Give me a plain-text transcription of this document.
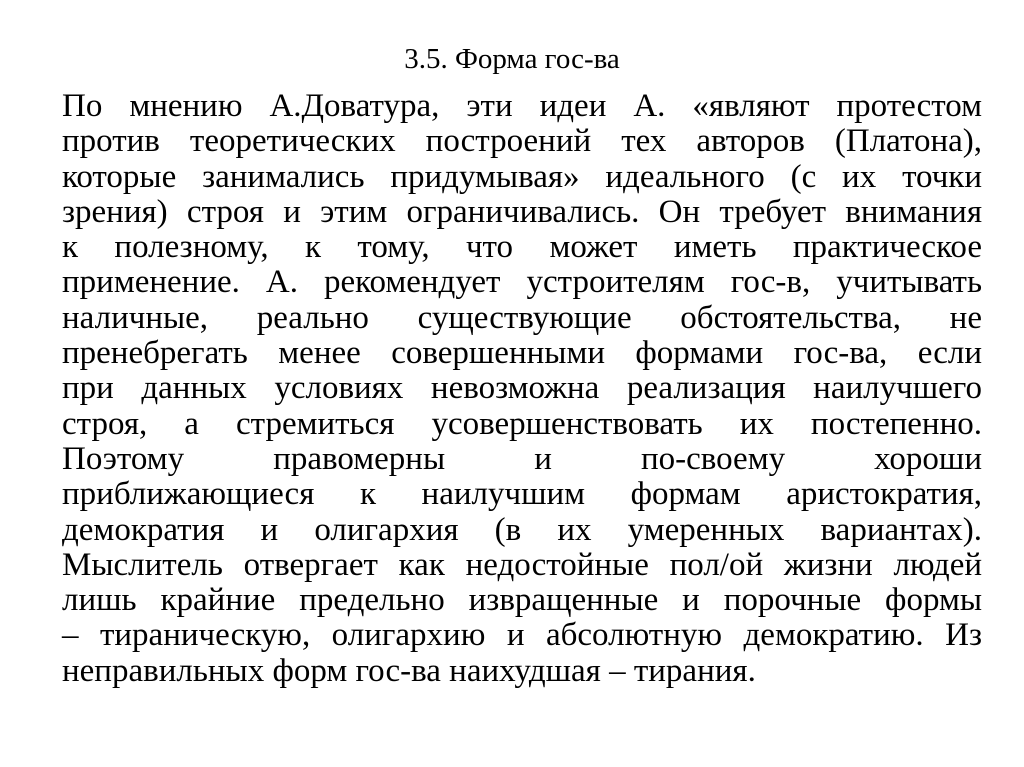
3.5. Форма гос-ва
По мнению А.Доватура, эти идеи А. «являют протестом
против теоретических построений тех авторов (Платона),
которые занимались придумывая» идеального (с их точки
зрения) строя и этим ограничивались. Он требует внимания
к полезному, к тому, что может иметь практическое
применение. А. рекомендует устроителям гос-в, учитывать
наличные, реально существующие обстоятельства, не
пренебрегать менее совершенными формами гос-ва, если
при данных условиях невозможна реализация наилучшего
строя, а стремиться усовершенствовать их постепенно.
Поэтому правомерны и по-своему хороши
приближающиеся к наилучшим формам аристократия,
демократия и олигархия (в их умеренных вариантах).
Мыслитель отвергает как недостойные пол/ой жизни людей
лишь крайние предельно извращенные и порочные формы
– тираническую, олигархию и абсолютную демократию. Из
неправильных форм гос-ва наихудшая – тирания.
